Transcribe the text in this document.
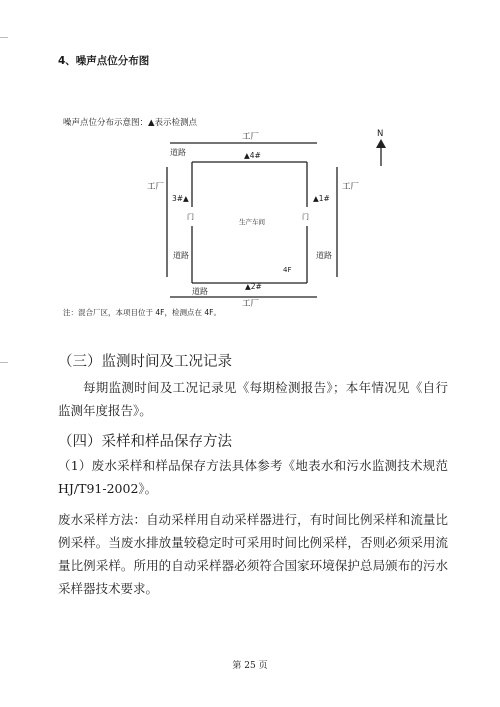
4、噪声点位分布图
噪声点位分布示意图：▲表示检测点
工厂
工厂
工厂	工厂
道路
道路
道路	道路
▲1#
▲2#
3#▲
▲4#
生产车间
门	门
4F
N
注：混合厂区，本项目位于 4F，检测点在 4F。
（三）监测时间及工况记录
每期监测时间及工况记录见《每期检测报告》；本年情况见《自行监测年度报告》。
（四）采样和样品保存方法
（1）废水采样和样品保存方法具体参考《地表水和污水监测技术规范HJ/T91-2002》。
废水采样方法：自动采样用自动采样器进行，有时间比例采样和流量比例采样。当废水排放量较稳定时可采用时间比例采样，否则必须采用流量比例采样。所用的自动采样器必须符合国家环境保护总局颁布的污水采样器技术要求。
第 25 页
